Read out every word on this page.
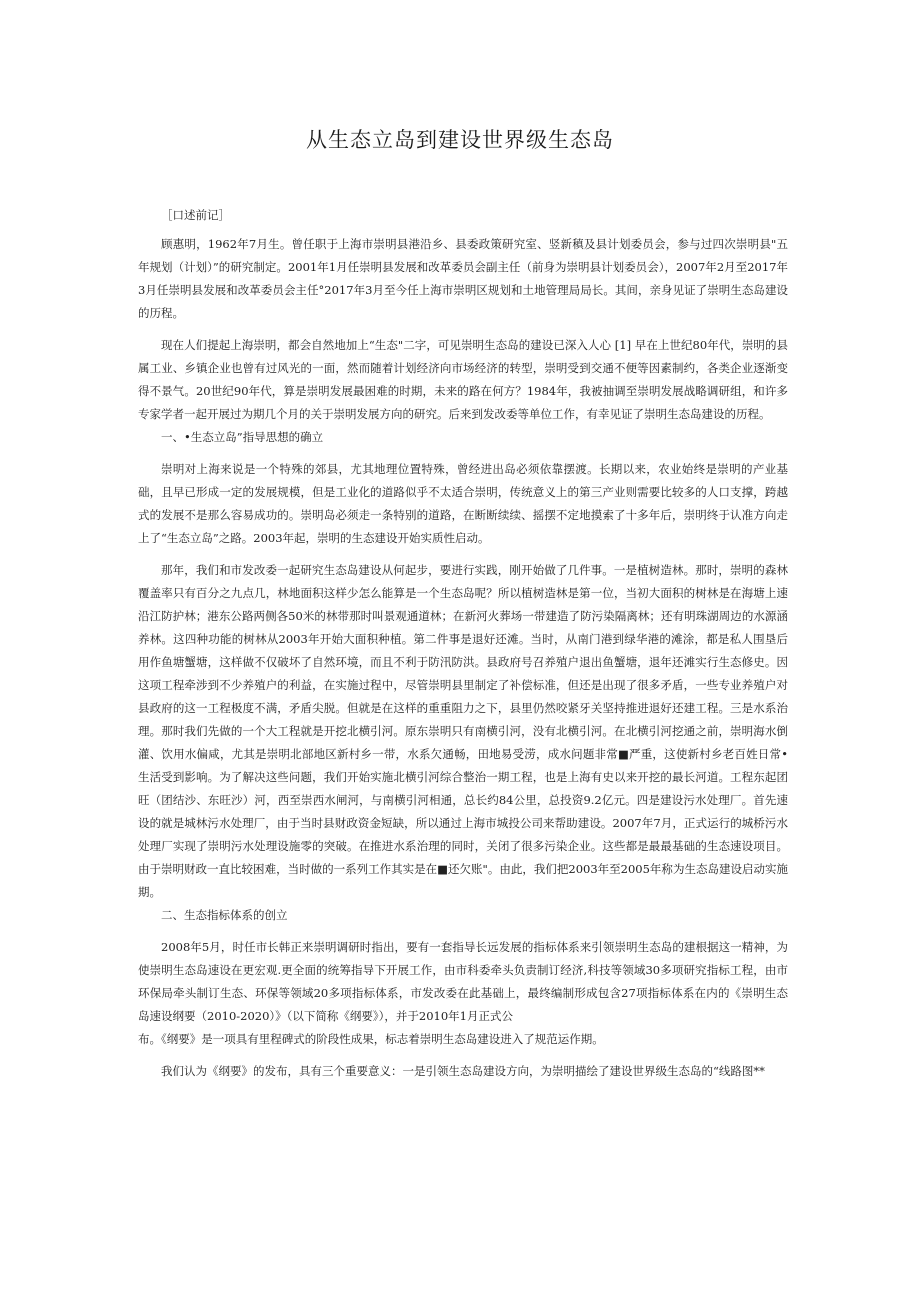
从生态立岛到建设世界级生态岛

［口述前记］

顾惠明，1962年7月生。曾任职于上海市崇明县港沿乡、县委政策研究室、竖新稹及县计划委员会，参与过四次崇明县"五年规划（计划）”的研究制定。2001年1月任崇明县发展和改革委员会副主任（前身为崇明县计划委员会），2007年2月至2017年3月任崇明县发展和改革委员会主任°2017年3月至今任上海市崇明区规划和土地管理局局长。其间，亲身见证了崇明生态岛建设的历程。

现在人们提起上海崇明，都会自然地加上“生态"二字，可见崇明生态岛的建设已深入人心 [1] 早在上世纪80年代，崇明的县属工业、乡镇企业也曾有过风光的一面，然而随着计划经济向市场经济的转型，崇明受到交通不便等因素制约，各类企业逐渐变得不景气。20世纪90年代，算是崇明发展最困难的时期，未来的路在何方？1984年，我被抽调至崇明发展战略调研组，和许多专家学者一起开展过为期几个月的关于崇明发展方向的研究。后来到发改委等单位工作，有幸见证了崇明生态岛建设的历程。

一、•生态立岛”指导思想的确立

崇明对上海来说是一个特殊的郊县，尤其地理位置特殊，曾经进出岛必须依靠摆渡。长期以来，农业始终是崇明的产业基础，且早已形成一定的发展规模，但是工业化的道路似乎不太适合崇明，传统意义上的第三产业则需要比较多的人口支撑，跨越式的发展不是那么容易成功的。崇明岛必须走一条特别的道路，在断断续续、摇摆不定地摸索了十多年后，崇明终于认准方向走上了“生态立岛”之路。2003年起，崇明的生态建设开始实质性启动。

那年，我们和市发改委一起研究生态岛建设从何起步，要进行实践，刚开始做了几件事。一是植树造林。那时，崇明的森林覆盖率只有百分之九点几，林地面积这样少怎么能算是一个生态岛呢？所以植树造林是第一位，当初大面积的树林是在海塘上速沿江防护林；港东公路两侧各50米的林带那时叫景观通道林；在新河火葬场一带建造了防污染隔离林；还有明珠湖周边的水源涵养林。这四种功能的树林从2003年开始大面积种植。第二件事是退好还滩。当时，从南门港到绿华港的滩涂，都是私人围垦后用作鱼塘蟹塘，这样做不仅破坏了自然环境，而且不利于防汛防洪。县政府号召养殖户退出鱼蟹塘，退年还滩实行生态修史。因这项工程牵涉到不少养殖户的利益，在实施过程中，尽管崇明县里制定了补偿标准，但还是出现了很多矛盾，一些专业养殖户对县政府的这一工程极度不满，矛盾尖脱。但就是在这样的重重阻力之下，县里仍然咬紧牙关坚持推进退好还建工程。三是水系治理。那时我们先做的一个大工程就是开挖北横引河。原东崇明只有南横引河，没有北横引河。在北横引河挖通之前，崇明海水倒灌、饮用水偏咸，尤其是崇明北部地区新村乡一带，水系欠通畅，田地易受涝，成水问题非常■严重，这使新村乡老百姓日常•生活受到影响。为了解决这些问题，我们开始实施北横引河综合整治一期工程，也是上海有史以来开挖的最长河道。工程东起团旺（团结沙、东旺沙）河，西至崇西水闸河，与南横引河相通，总长约84公里，总投资9.2亿元。四是建设污水处理厂。首先速设的就是城林污水处理厂，由于当时县财政资金短缺，所以通过上海市城投公司来帮助建设。2007年7月，正式运行的城桥污水处理厂实现了崇明污水处理设施零的突破。在推进水系治理的同时，关闭了很多污染企业。这些都是最最基础的生态速设项目。由于崇明财政一直比较困难，当时做的一系列工作其实是在■还欠账"。由此，我们把2003年至2005年称为生态岛建设启动实施期。

二、生态指标体系的创立

2008年5月，时任市长韩正来崇明调研时指出，要有一套指导长远发展的指标体系来引领崇明生态岛的建根据这一精神，为使崇明生态岛速设在更宏观.更全面的统筹指导下开展工作，由市科委牵头负责制订经济,科技等领域30多项研究指标工程，由市环保局牵头制订生态、环保等领域20多项指标体系，市发改委在此基础上，最终编制形成包含27项指标体系在内的《崇明生态岛速设纲要（2010-2020）》（以下简称《纲要》），并于2010年1月正式公

布。《纲要》是一项具有里程碑式的阶段性成果，标志着崇明生态岛建设进入了规范运作期。

我们认为《纲要》的发布，具有三个重要意义：一是引领生态岛建设方向，为崇明描绘了建设世界级生态岛的“线路图**
